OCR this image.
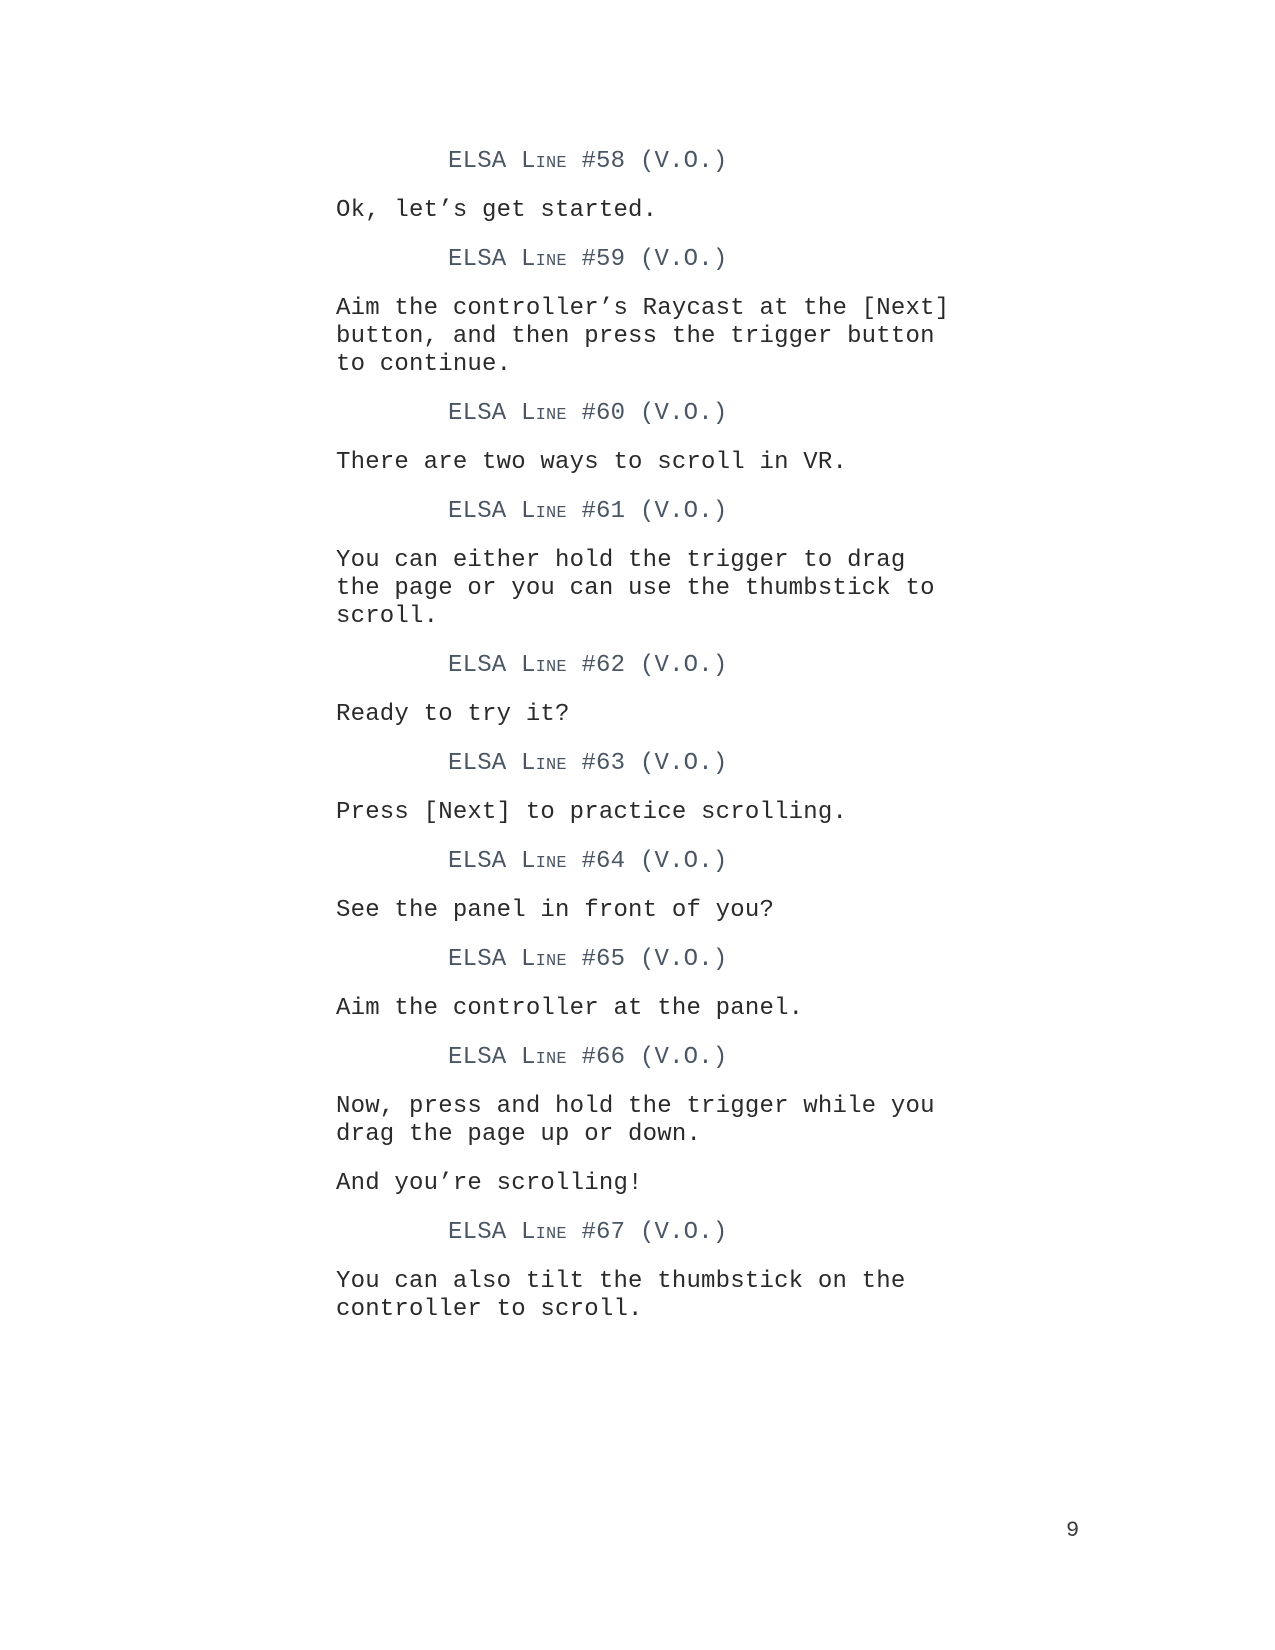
ELSA Line #58 (V.O.)
Ok, let’s get started.
ELSA Line #59 (V.O.)
Aim the controller’s Raycast at the [Next]
button, and then press the trigger button
to continue.
ELSA Line #60 (V.O.)
There are two ways to scroll in VR.
ELSA Line #61 (V.O.)
You can either hold the trigger to drag
the page or you can use the thumbstick to
scroll.
ELSA Line #62 (V.O.)
Ready to try it?
ELSA Line #63 (V.O.)
Press [Next] to practice scrolling.
ELSA Line #64 (V.O.)
See the panel in front of you?
ELSA Line #65 (V.O.)
Aim the controller at the panel.
ELSA Line #66 (V.O.)
Now, press and hold the trigger while you
drag the page up or down.
And you’re scrolling!
ELSA Line #67 (V.O.)
You can also tilt the thumbstick on the
controller to scroll.
9
